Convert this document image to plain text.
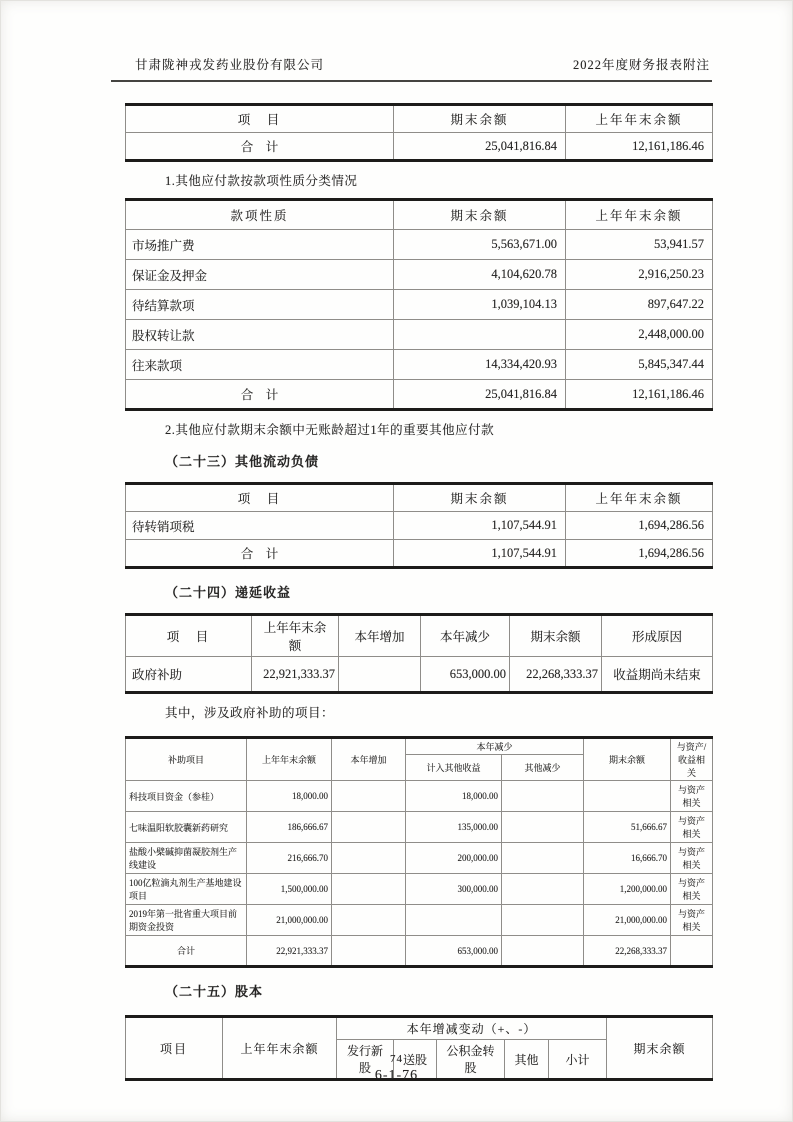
甘肃陇神戎发药业股份有限公司	2022年度财务报表附注
项　目	期末余额	上年年末余额
合　计	25,041,816.84	12,161,186.46
1.其他应付款按款项性质分类情况
款项性质	期末余额	上年年末余额
市场推广费	5,563,671.00	53,941.57
保证金及押金	4,104,620.78	2,916,250.23
待结算款项	1,039,104.13	897,647.22
股权转让款		2,448,000.00
往来款项	14,334,420.93	5,845,347.44
合　计	25,041,816.84	12,161,186.46
2.其他应付款期末余额中无账龄超过1年的重要其他应付款
（二十三）其他流动负债
项　目	期末余额	上年年末余额
待转销项税	1,107,544.91	1,694,286.56
合　计	1,107,544.91	1,694,286.56
（二十四）递延收益
项　目	上年年末余额	本年增加	本年减少	期末余额	形成原因
政府补助	22,921,333.37		653,000.00	22,268,333.37	收益期尚未结束
其中，涉及政府补助的项目：
补助项目	上年年末余额	本年增加	本年减少		期末余额	与资产/收益相关
			计入其他收益	其他减少		
科技项目资金（参桂）	18,000.00		18,000.00			与资产相关
七味温阳软胶囊新药研究	186,666.67		135,000.00		51,666.67	与资产相关
盐酸小檗碱抑菌凝胶剂生产线建设	216,666.70		200,000.00		16,666.70	与资产相关
100亿粒滴丸剂生产基地建设项目	1,500,000.00		300,000.00		1,200,000.00	与资产相关
2019年第一批省重大项目前期资金投资	21,000,000.00				21,000,000.00	与资产相关
合计	22,921,333.37		653,000.00		22,268,333.37	
（二十五）股本
项目	上年年末余额	本年增减变动（+、-）					期末余额
		发行新股	送股	公积金转股	其他	小计	
74
6-1-76
